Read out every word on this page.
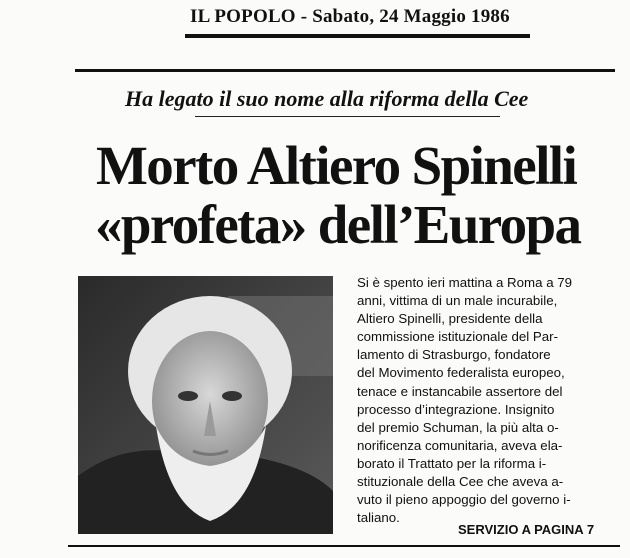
IL POPOLO - Sabato, 24 Maggio 1986
Ha legato il suo nome alla riforma della Cee
Morto Altiero Spinelli
«profeta» dell’Europa
Si è spento ieri mattina a Roma a 79
anni, vittima di un male incurabile,
Altiero Spinelli, presidente della
commissione istituzionale del Par-
lamento di Strasburgo, fondatore
del Movimento federalista europeo,
tenace e instancabile assertore del
processo d’integrazione. Insignito
del premio Schuman, la più alta o-
norificenza comunitaria, aveva ela-
borato il Trattato per la riforma i-
stituzionale della Cee che aveva a-
vuto il pieno appoggio del governo i-
taliano.
SERVIZIO A PAGINA 7
